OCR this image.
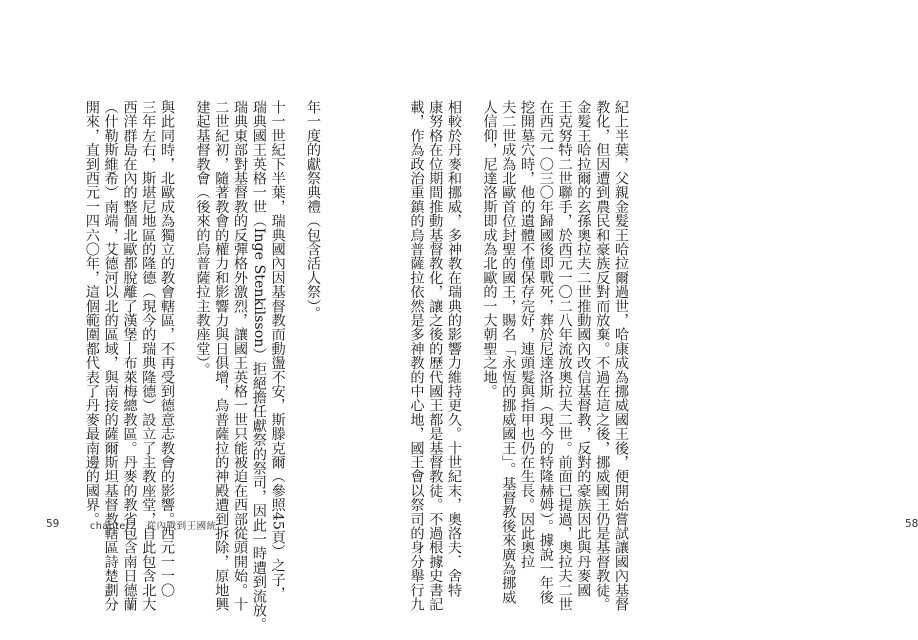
年一度的獻祭典禮（包含活人祭）。
十一世紀下半葉，瑞典國內因基督教而動盪不安，斯滕克爾（參照45頁）之子，
瑞典國王英格一世（Inge Stenkilsson）拒絕擔任獻祭的祭司，因此一時遭到流放。
瑞典東部對基督教的反彈格外激烈，讓國王英格一世只能被迫在西部從頭開始。十
二世紀初，隨著教會的權力和影響力與日俱增，烏普薩拉的神殿遭到拆除，原地興
建起基督教會（後來的烏普薩拉主教座堂）。
與此同時，北歐成為獨立的教會轄區，不再受到德意志教會的影響。西元一一〇
三年左右，斯堪尼地區的隆德（現今的瑞典隆德）設立了主教座堂，自此包含北大
西洋群島在內的整個北歐都脫離了漢堡—布萊梅總教區。丹麥的教省包含南日德蘭
（什勒斯維希）南端，艾德河以北的區域，與南接的薩爾斯坦基督教轄區詩楚劃分
開來，直到西元一四六〇年，這個範圍都代表了丹麥最南邊的國界。
59	chapter2　從內戰到王國統一	紀上半葉，父親金髮王哈拉爾過世，哈康成為挪威國王後，便開始嘗試讓國內基督
教化，但因遭到農民和豪族反對而放棄。不過在這之後，挪威國王仍是基督教徒。
金髮王哈拉爾的玄孫奧拉夫二世推動國內改信基督教，反對的豪族因此與丹麥國
王克努特二世聯手，於西元一〇二八年流放奧拉夫二世。前面已提過，奧拉夫二世
在西元一〇三〇年歸國後即戰死，葬於尼達洛斯（現今的特隆赫姆）。據說一年後
挖開墓穴時，他的遺體不僅保存完好，連頭髮與指甲也仍在生長。因此奧拉
夫二世成為北歐首位封聖的國王，賜名「永恆的挪威國王」。基督教後來廣為挪威
人信仰，尼達洛斯即成為北歐的一大朝聖之地。
相較於丹麥和挪威，多神教在瑞典的影響力維持更久。十世紀末，奧洛夫．舍特
康努格在位期間推動基督教化，讓之後的歷代國王都是基督教徒。不過根據史書記
載，作為政治重鎮的烏普薩拉依然是多神教的中心地，國王會以祭司的身分舉行九	58
